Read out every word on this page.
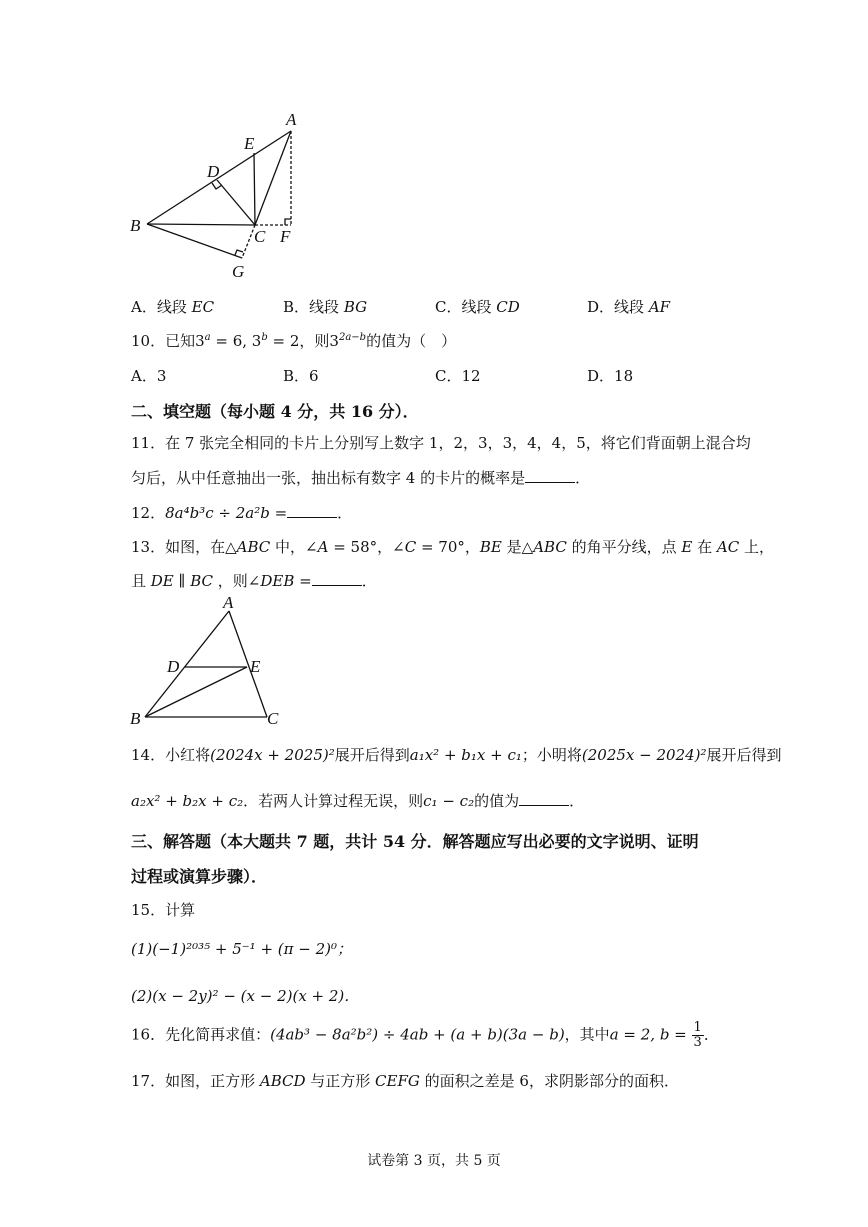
A
E
D
B
C F
G
A．线段 EC	B．线段 BG	C．线段 CD	D．线段 AF
10．已知$3^a = 6$, $3^b = 2$，则$3^{2a-b}$的值为（　）
A．3	B．6	C．12	D．18
二、填空题（每小题 4 分，共 16 分）．
11．在 7 张完全相同的卡片上分别写上数字 1，2，3，3，4，4，5，将它们背面朝上混合均
匀后，从中任意抽出一张，抽出标有数字 4 的卡片的概率是	．
12．8a⁴b³c ÷ 2a²b =	．
13．如图，在△ABC 中，∠A = 58°，∠C = 70°，BE 是△ABC 的角平分线，点 E 在 AC 上，
且 DE ∥ BC ，则∠DEB =	．
A
D	E
B	C
14．小红将(2024x + 2025)²展开后得到a₁x² + b₁x + c₁；小明将(2025x − 2024)²展开后得到
a₂x² + b₂x + c₂．若两人计算过程无误，则c₁ − c₂的值为	．
三、解答题（本大题共 7 题，共计 54 分．解答题应写出必要的文字说明、证明
过程或演算步骤）．
15．计算
(1)(−1)²⁰³⁵ + 5⁻¹ + (π − 2)⁰；
(2)(x − 2y)² − (x − 2)(x + 2)．
16．先化简再求值：(4ab³ − 8a²b²) ÷ 4ab + (a + b)(3a − b)，其中a = 2, $b = \frac{1}{3}$ ．
17．如图，正方形 ABCD 与正方形 CEFG 的面积之差是 6，求阴影部分的面积．
试卷第 3 页，共 5 页
